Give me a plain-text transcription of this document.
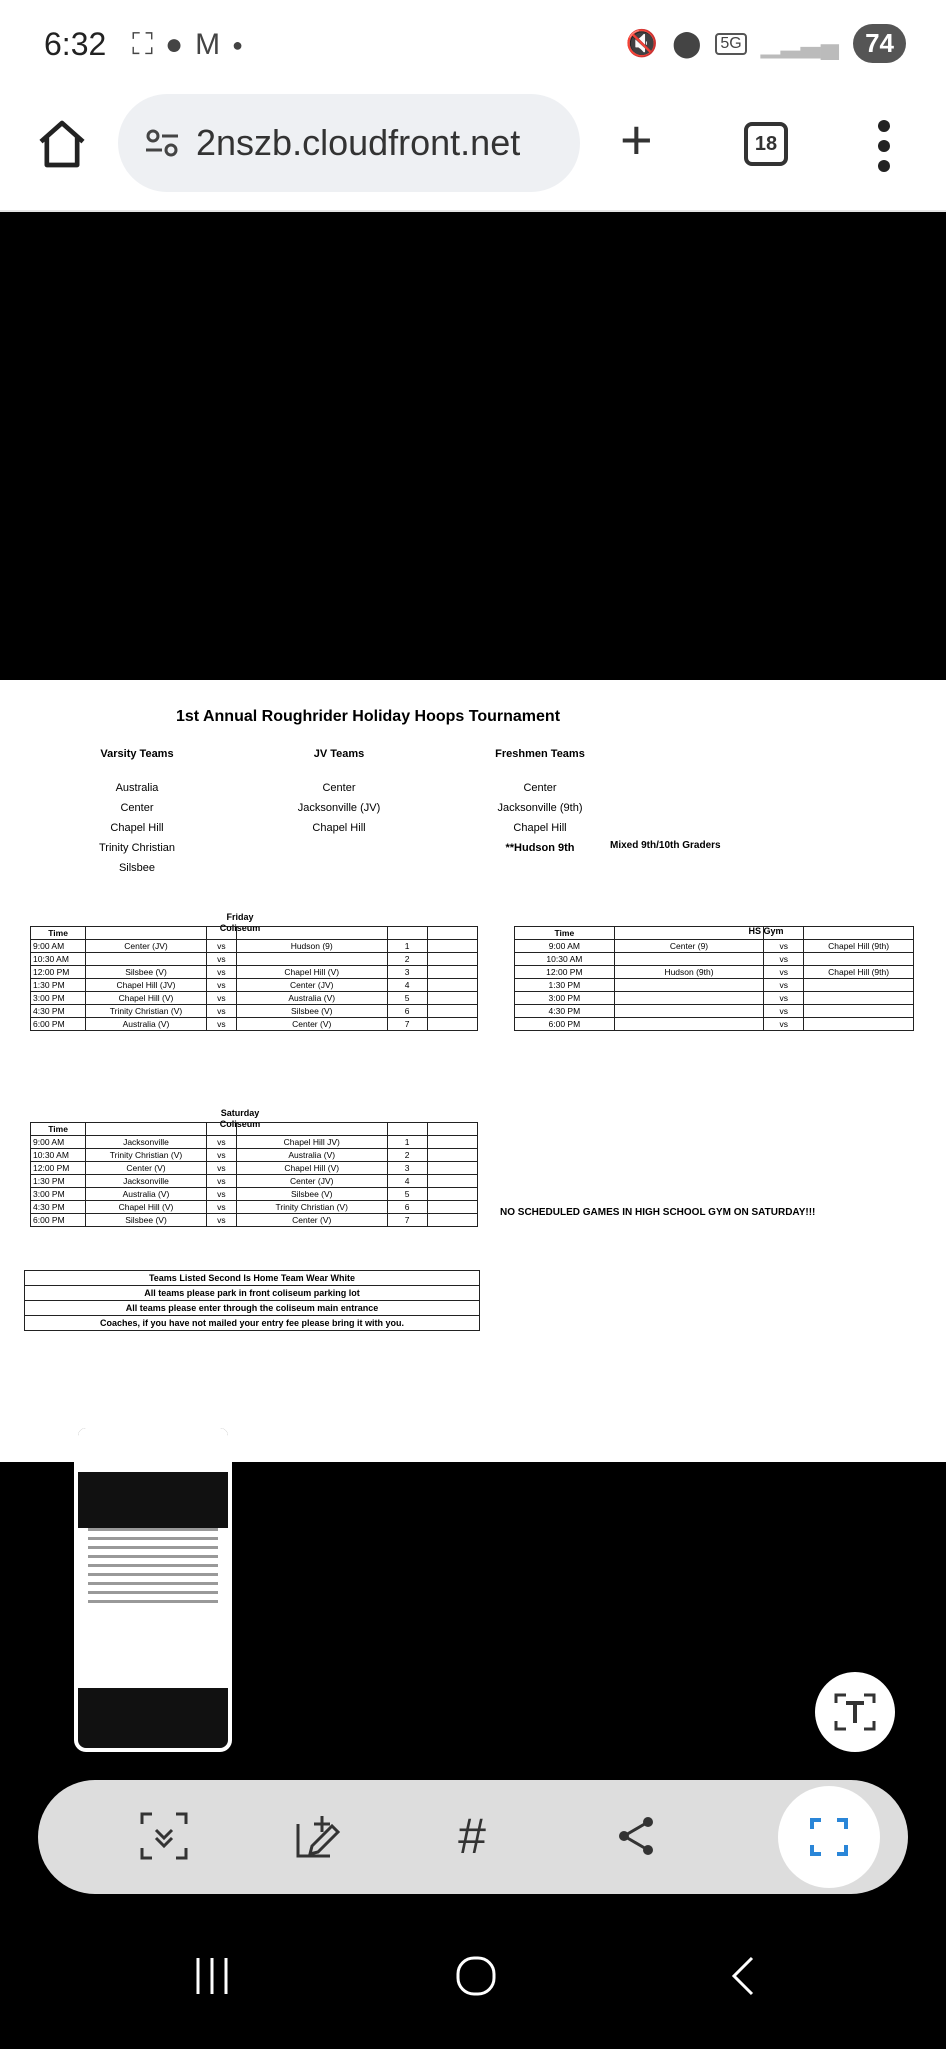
6:32 ⛶ ● M ●	🔇 ⬤	5G ▁▂▃▄	74
2nszb.cloudfront.net +	18
1st Annual Roughrider Holiday Hoops Tournament
Varsity Teams
Australia
Center
Chapel Hill
Trinity Christian
Silsbee
JV Teams
Center
Jacksonville (JV)
Chapel Hill
Freshmen Teams
Center
Jacksonville (9th)
Chapel Hill
**Hudson 9th	Mixed 9th/10th Graders
Friday
Coliseum
Time					
9:00 AM	Center (JV)	vs	Hudson (9)	1	
10:30 AM		vs		2	
12:00 PM	Silsbee (V)	vs	Chapel Hill (V)	3	
1:30 PM	Chapel Hill (JV)	vs	Center (JV)	4	
3:00 PM	Chapel Hill (V)	vs	Australia (V)	5	
4:30 PM	Trinity Christian (V)	vs	Silsbee (V)	6	
6:00 PM	Australia (V)	vs	Center (V)	7	
HS Gym
Time			
9:00 AM	Center (9)	vs	Chapel Hill (9th)
10:30 AM		vs	
12:00 PM	Hudson (9th)	vs	Chapel Hill (9th)
1:30 PM		vs	
3:00 PM		vs	
4:30 PM		vs	
6:00 PM		vs	
Saturday
Coliseum
Time					
9:00 AM	Jacksonville	vs	Chapel Hill JV)	1	
10:30 AM	Trinity Christian (V)	vs	Australia (V)	2	
12:00 PM	Center (V)	vs	Chapel Hill (V)	3	
1:30 PM	Jacksonville	vs	Center (JV)	4	
3:00 PM	Australia (V)	vs	Silsbee (V)	5	
4:30 PM	Chapel Hill (V)	vs	Trinity Christian (V)	6	
6:00 PM	Silsbee (V)	vs	Center (V)	7	
NO SCHEDULED GAMES IN HIGH SCHOOL GYM ON SATURDAY!!!
Teams Listed Second Is Home Team Wear White
All teams please park in front coliseum parking lot
All teams please enter through the coliseum main entrance
Coaches, if you have not mailed your entry fee please bring it with you.
#
